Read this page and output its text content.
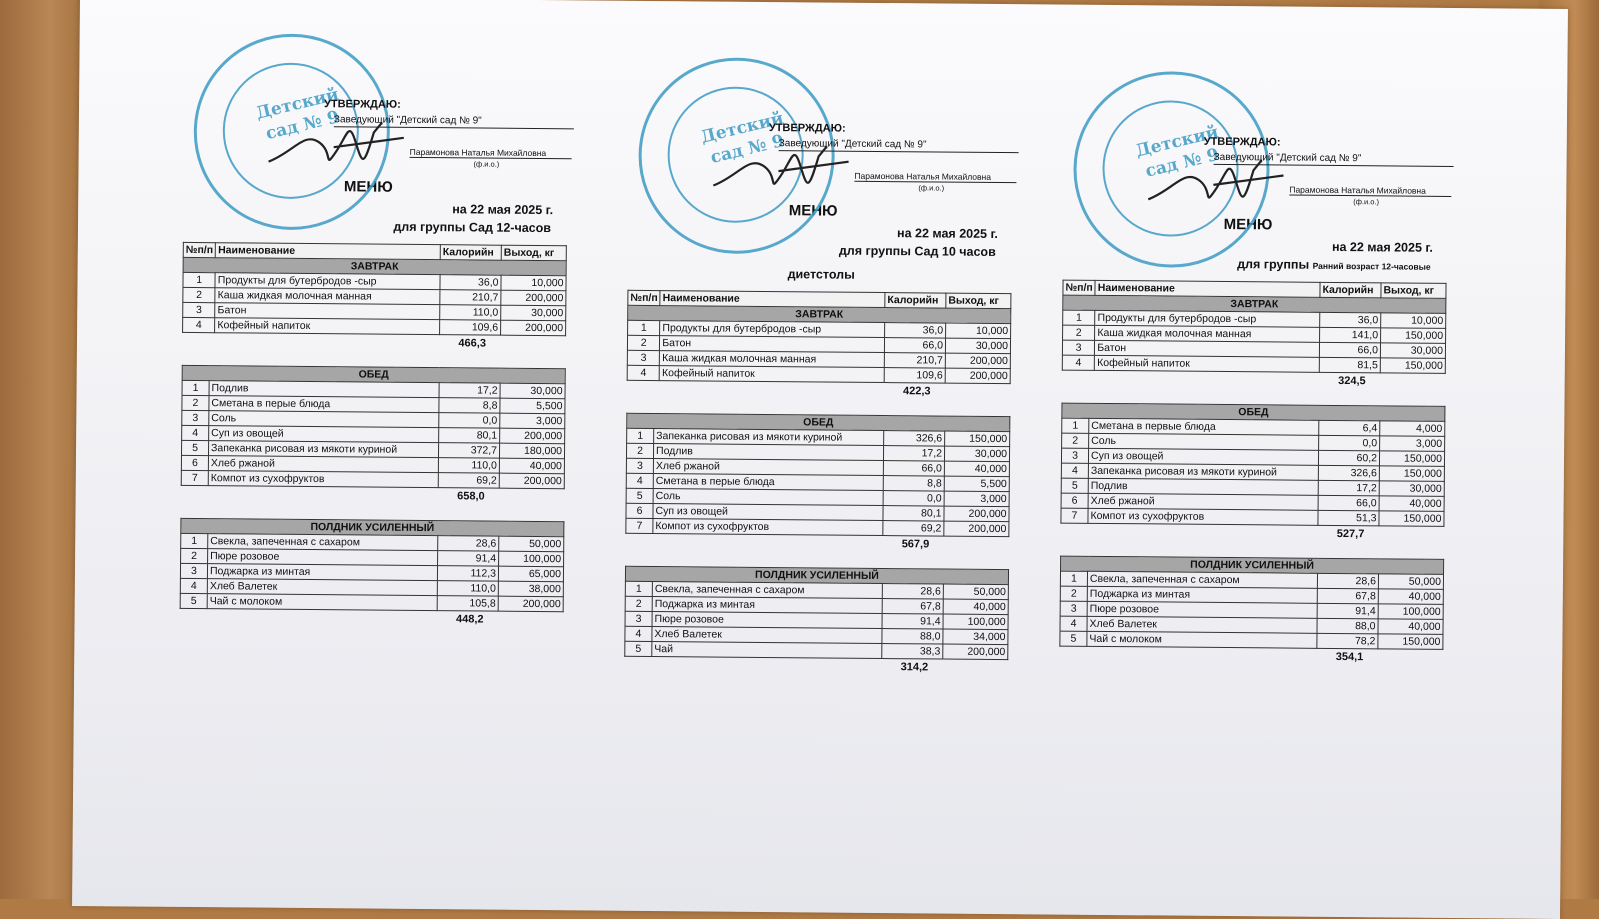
Детский сад № 9
УТВЕРЖДАЮ:
Заведующий "Детский сад № 9"
Парамонова Наталья Михайловна
(ф.и.о.)
МЕНЮ
на 22 мая 2025 г.
для группы Сад 12-часов
№п/п	Наименование	Калорийн	Выход, кг
ЗАВТРАК			
1	Продукты для бутербродов -сыр	36,0	10,000
2	Каша жидкая молочная манная	210,7	200,000
3	Батон	110,0	30,000
4	Кофейный напиток	109,6	200,000
466,3
ОБЕД			
1	Подлив	17,2	30,000
2	Сметана в перые блюда	8,8	5,500
3	Соль	0,0	3,000
4	Суп из овощей	80,1	200,000
5	Запеканка рисовая из мякоти куриной	372,7	180,000
6	Хлеб ржаной	110,0	40,000
7	Компот из сухофруктов	69,2	200,000
658,0
ПОЛДНИК УСИЛЕННЫЙ			
1	Свекла, запеченная с сахаром	28,6	50,000
2	Пюре розовое	91,4	100,000
3	Поджарка из минтая	112,3	65,000
4	Хлеб Валетек	110,0	38,000
5	Чай с молоком	105,8	200,000
448,2
Детский сад № 9
УТВЕРЖДАЮ:
Заведующий "Детский сад № 9"
Парамонова Наталья Михайловна
(ф.и.о.)
МЕНЮ
на 22 мая 2025 г.
для группы Сад 10 часов
диетстолы
№п/п	Наименование	Калорийн	Выход, кг
ЗАВТРАК			
1	Продукты для бутербродов -сыр	36,0	10,000
2	Батон	66,0	30,000
3	Каша жидкая молочная манная	210,7	200,000
4	Кофейный напиток	109,6	200,000
422,3
ОБЕД			
1	Запеканка рисовая из мякоти куриной	326,6	150,000
2	Подлив	17,2	30,000
3	Хлеб ржаной	66,0	40,000
4	Сметана в перые блюда	8,8	5,500
5	Соль	0,0	3,000
6	Суп из овощей	80,1	200,000
7	Компот из сухофруктов	69,2	200,000
567,9
ПОЛДНИК УСИЛЕННЫЙ			
1	Свекла, запеченная с сахаром	28,6	50,000
2	Поджарка из минтая	67,8	40,000
3	Пюре розовое	91,4	100,000
4	Хлеб Валетек	88,0	34,000
5	Чай	38,3	200,000
314,2
Детский сад № 9
УТВЕРЖДАЮ:
Заведующий "Детский сад № 9"
Парамонова Наталья Михайловна
(ф.и.о.)
МЕНЮ
на 22 мая 2025 г.
для группы Ранний возраст 12-часовые
№п/п	Наименование	Калорийн	Выход, кг
ЗАВТРАК			
1	Продукты для бутербродов -сыр	36,0	10,000
2	Каша жидкая молочная манная	141,0	150,000
3	Батон	66,0	30,000
4	Кофейный напиток	81,5	150,000
324,5
ОБЕД			
1	Сметана в первые блюда	6,4	4,000
2	Соль	0,0	3,000
3	Суп из овощей	60,2	150,000
4	Запеканка рисовая из мякоти куриной	326,6	150,000
5	Подлив	17,2	30,000
6	Хлеб ржаной	66,0	40,000
7	Компот из сухофруктов	51,3	150,000
527,7
ПОЛДНИК УСИЛЕННЫЙ			
1	Свекла, запеченная с сахаром	28,6	50,000
2	Поджарка из минтая	67,8	40,000
3	Пюре розовое	91,4	100,000
4	Хлеб Валетек	88,0	40,000
5	Чай с молоком	78,2	150,000
354,1
